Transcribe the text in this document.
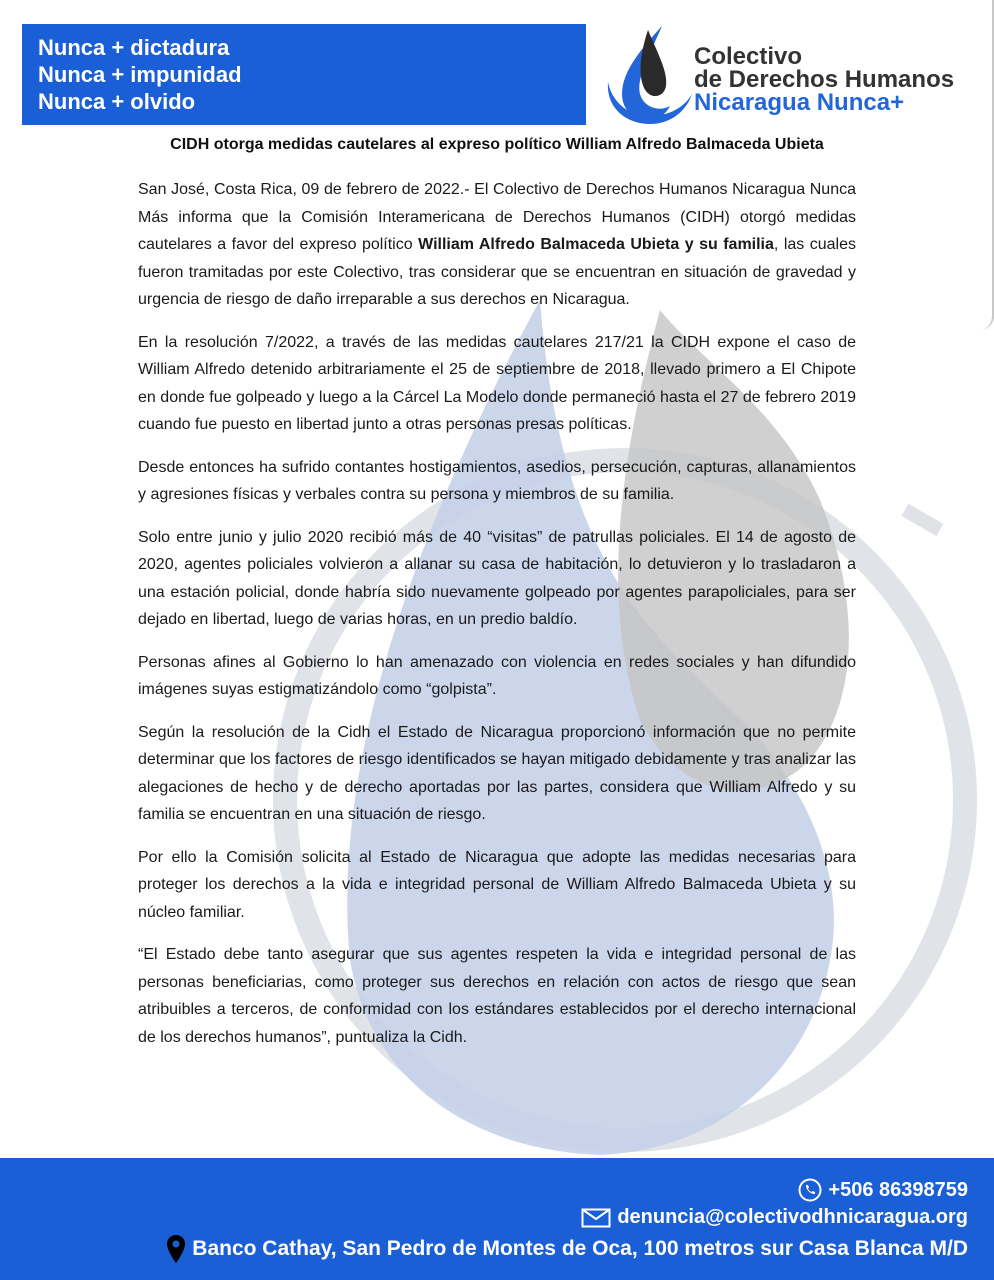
Nunca + dictadura
Nunca + impunidad
Nunca + olvido
Colectivo
de Derechos Humanos
Nicaragua Nunca+
CIDH otorga medidas cautelares al expreso político William Alfredo Balmaceda Ubieta

San José, Costa Rica, 09 de febrero de 2022.- El Colectivo de Derechos Humanos Nicaragua Nunca Más informa que la Comisión Interamericana de Derechos Humanos (CIDH) otorgó medidas cautelares a favor del expreso político William Alfredo Balmaceda Ubieta y su familia, las cuales fueron tramitadas por este Colectivo, tras considerar que se encuentran en situación de gravedad y urgencia de riesgo de daño irreparable a sus derechos en Nicaragua.

En la resolución 7/2022, a través de las medidas cautelares 217/21 la CIDH expone el caso de William Alfredo detenido arbitrariamente el 25 de septiembre de 2018, llevado primero a El Chipote en donde fue golpeado y luego a la Cárcel La Modelo donde permaneció hasta el 27 de febrero 2019 cuando fue puesto en libertad junto a otras personas presas políticas.

Desde entonces ha sufrido contantes hostigamientos, asedios, persecución, capturas, allanamientos y agresiones físicas y verbales contra su persona y miembros de su familia.

Solo entre junio y julio 2020 recibió más de 40 “visitas” de patrullas policiales. El 14 de agosto de 2020, agentes policiales volvieron a allanar su casa de habitación, lo detuvieron y lo trasladaron a una estación policial, donde habría sido nuevamente golpeado por agentes parapoliciales, para ser dejado en libertad, luego de varias horas, en un predio baldío.

Personas afines al Gobierno lo han amenazado con violencia en redes sociales y han difundido imágenes suyas estigmatizándolo como “golpista”.

Según la resolución de la Cidh el Estado de Nicaragua proporcionó información que no permite determinar que los factores de riesgo identificados se hayan mitigado debidamente y tras analizar las alegaciones de hecho y de derecho aportadas por las partes, considera que William Alfredo y su familia se encuentran en una situación de riesgo.

Por ello la Comisión solicita al Estado de Nicaragua que adopte las medidas necesarias para proteger los derechos a la vida e integridad personal de William Alfredo Balmaceda Ubieta y su núcleo familiar.

“El Estado debe tanto asegurar que sus agentes respeten la vida e integridad personal de las personas beneficiarias, como proteger sus derechos en relación con actos de riesgo que sean atribuibles a terceros, de conformidad con los estándares establecidos por el derecho internacional de los derechos humanos”, puntualiza la Cidh.

+506 86398759
denuncia@colectivodhnicaragua.org
Banco Cathay, San Pedro de Montes de Oca, 100 metros sur Casa Blanca M/D
